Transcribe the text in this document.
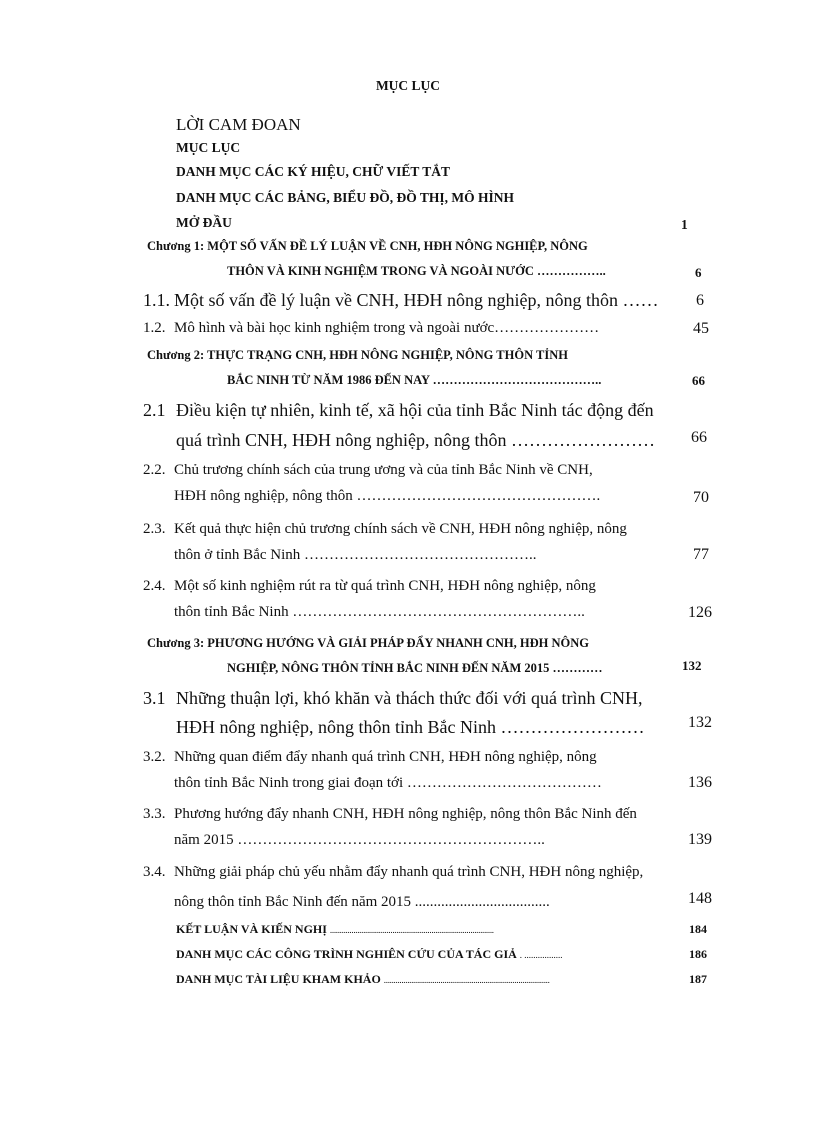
MỤC LỤC
LỜI CAM ĐOAN
MỤC LỤC
DANH MỤC CÁC KÝ HIỆU, CHỮ VIẾT TẮT
DANH MỤC CÁC BẢNG, BIỂU ĐỒ, ĐỒ THỊ, MÔ HÌNH
MỞ ĐẦU	1
Chương 1: MỘT SỐ VẤN ĐỀ LÝ LUẬN VỀ CNH, HĐH NÔNG NGHIỆP, NÔNG
THÔN VÀ KINH NGHIỆM TRONG VÀ NGOÀI NƯỚC ……………..	6
1.1. Một số vấn đề lý luận về CNH, HĐH nông nghiệp, nông thôn …… 6
1.2. Mô hình và bài học kinh nghiệm trong và ngoài nước…………………	45
Chương 2: THỰC TRẠNG CNH, HĐH NÔNG NGHIỆP, NÔNG THÔN TỈNH
BẮC NINH TỪ NĂM 1986 ĐẾN NAY …………………………………..	66
2.1 Điều kiện tự nhiên, kinh tế, xã hội của tỉnh Bắc Ninh tác động đến
quá trình CNH, HĐH nông nghiệp, nông thôn …………………… 66
2.2. Chủ trương chính sách của trung ương và của tỉnh Bắc Ninh về CNH,
HĐH nông nghiệp, nông thôn ………………………………………….	70
2.3. Kết quả thực hiện chủ trương chính sách về CNH, HĐH nông nghiệp, nông
thôn ở tỉnh Bắc Ninh ………………………………………..	77
2.4. Một số kinh nghiệm rút ra từ quá trình CNH, HĐH nông nghiệp, nông
thôn tỉnh Bắc Ninh …………………………………………………..	126
Chương 3: PHƯƠNG HƯỚNG VÀ GIẢI PHÁP ĐẨY NHANH CNH, HĐH NÔNG
NGHIỆP, NÔNG THÔN TỈNH BẮC NINH ĐẾN NĂM 2015 …………	132
3.1 Những thuận lợi, khó khăn và thách thức đối với quá trình CNH,
HĐH nông nghiệp, nông thôn tỉnh Bắc Ninh ……………………	132
3.2. Những quan điểm đẩy nhanh quá trình CNH, HĐH nông nghiệp, nông
thôn tỉnh Bắc Ninh trong giai đoạn tới …………………………………	136
3.3. Phương hướng đẩy nhanh CNH, HĐH nông nghiệp, nông thôn Bắc Ninh đến
năm 2015 ……………………………………………………..	139
3.4. Những giải pháp chủ yếu nhằm đẩy nhanh quá trình CNH, HĐH nông nghiệp,
nông thôn tỉnh Bắc Ninh đến năm 2015 ....................................	148
KẾT LUẬN VÀ KIẾN NGHỊ ....................................................................................	184
DANH MỤC CÁC CÔNG TRÌNH NGHIÊN CỨU CỦA TÁC GIẢ . .................	186
DANH MỤC TÀI LIỆU KHAM KHẢO .....................................................................................	187
